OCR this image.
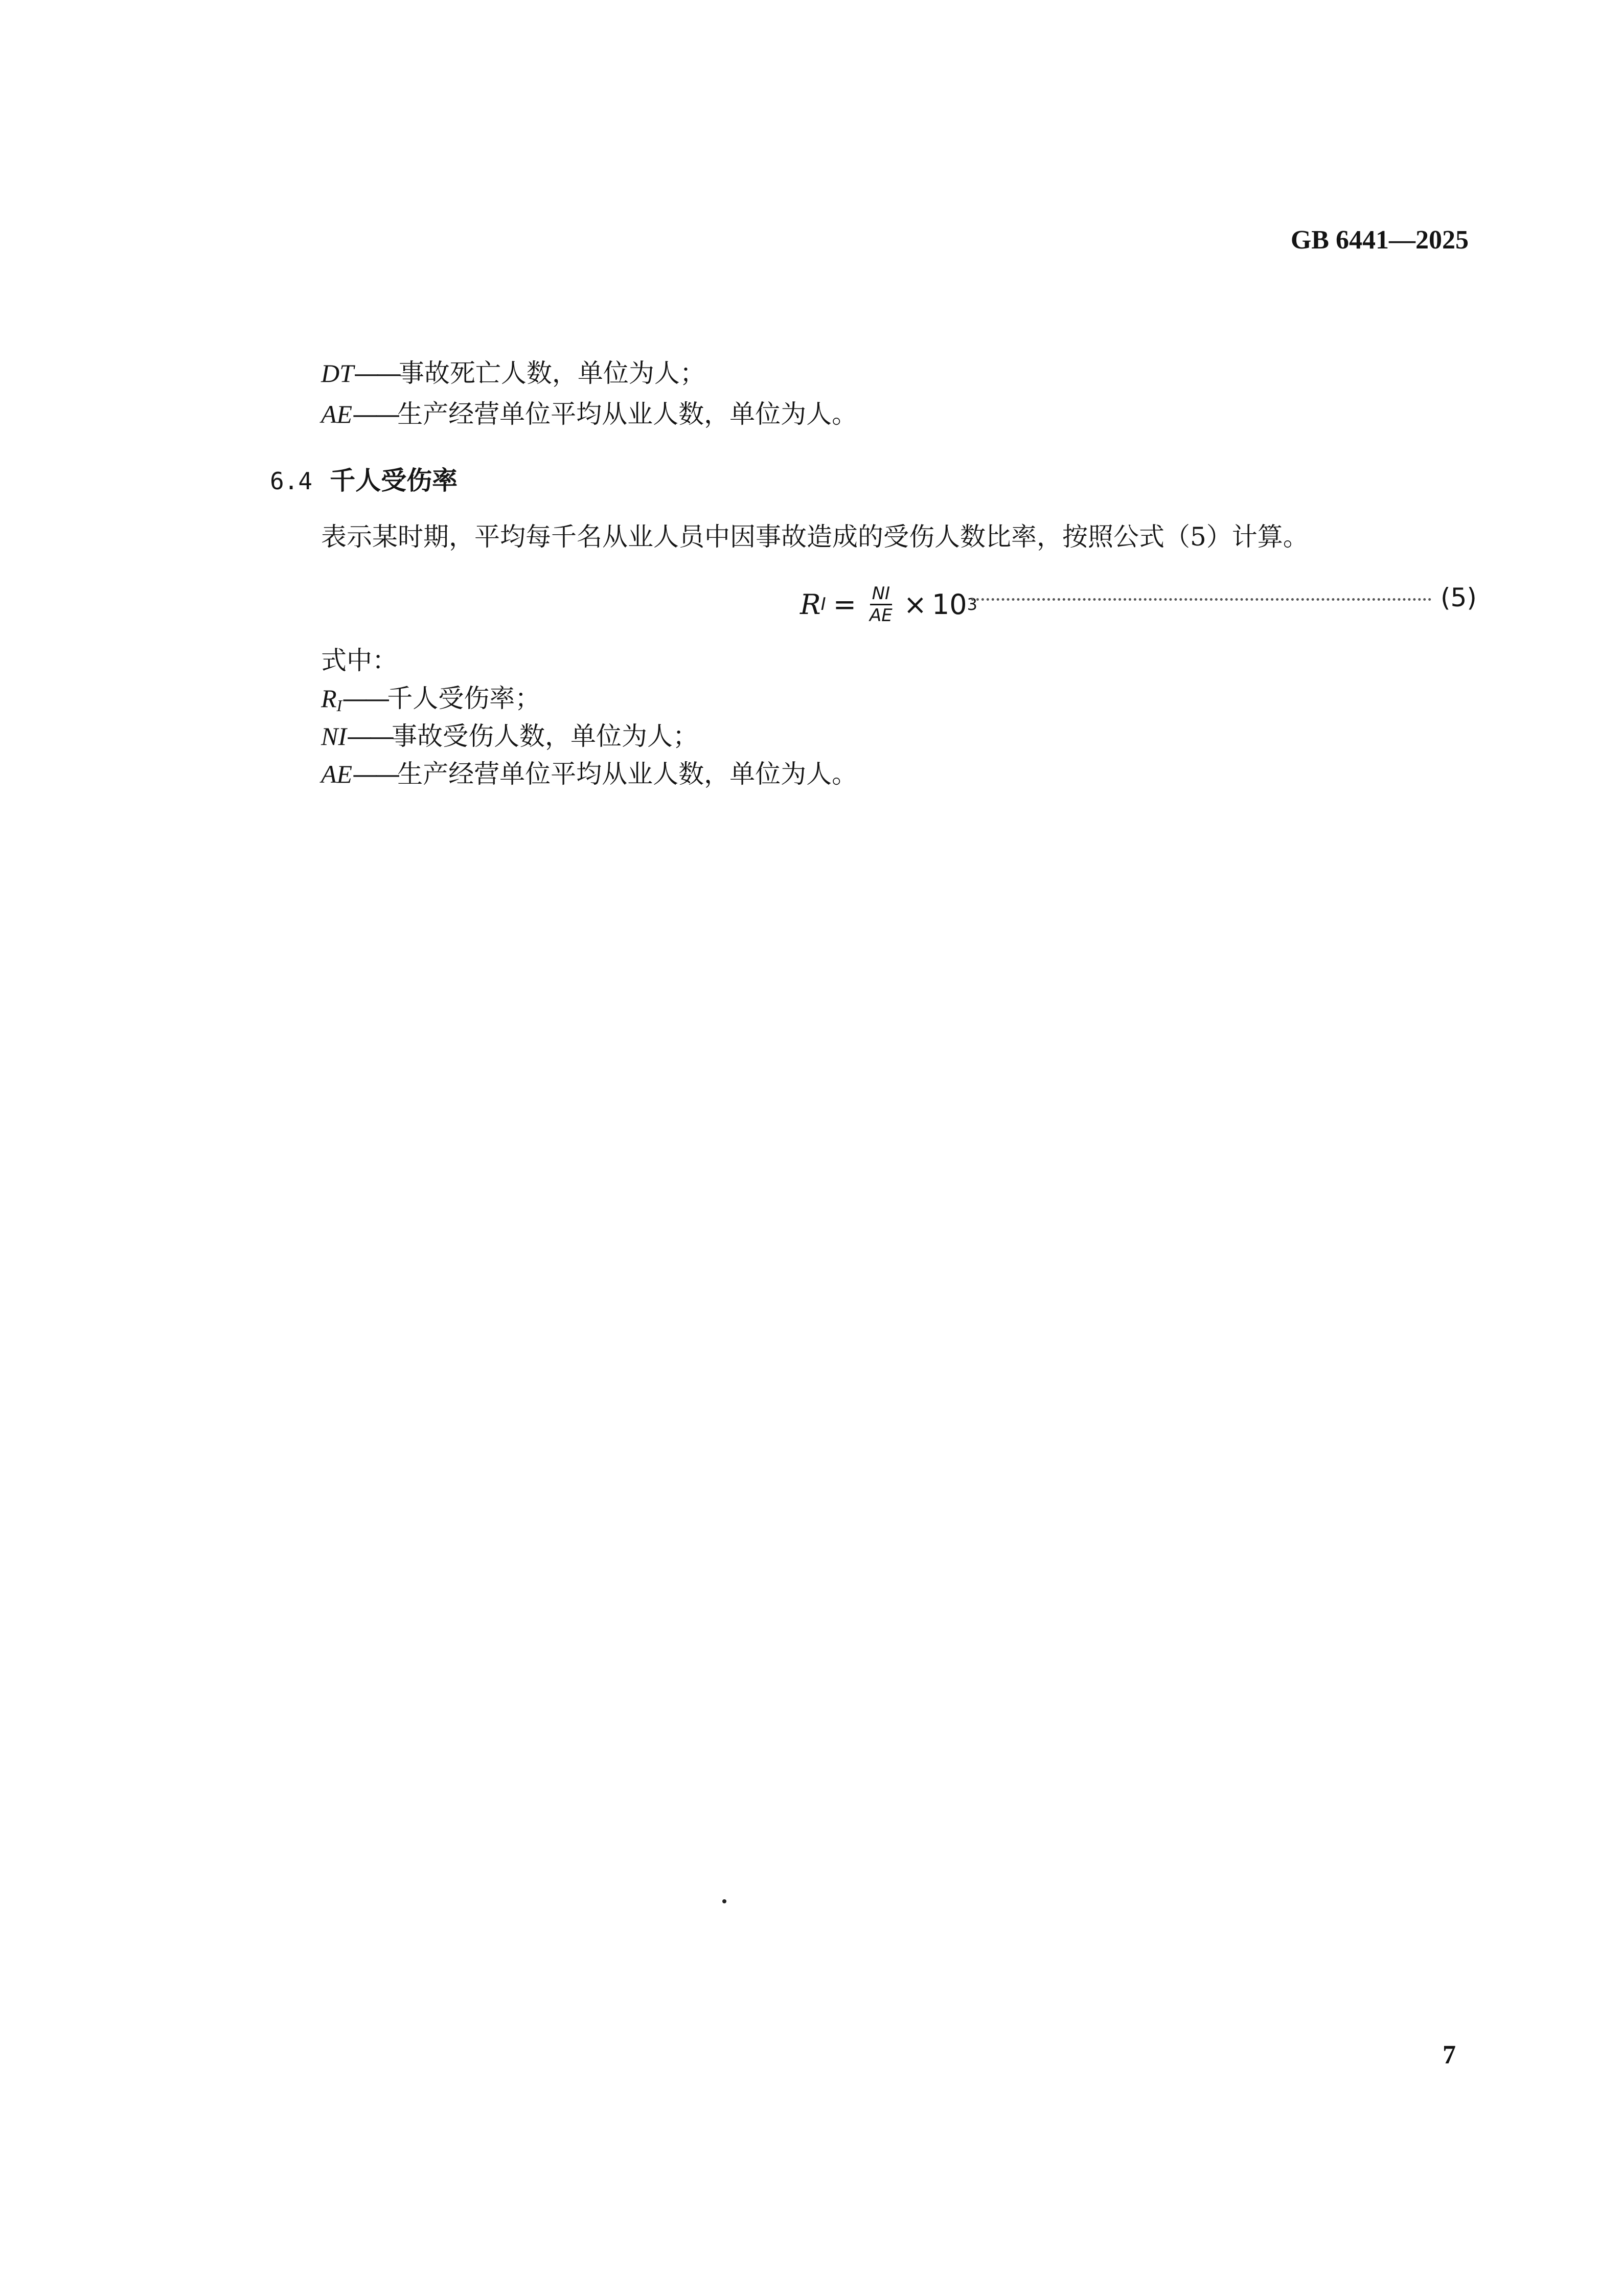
GB 6441—2025
DT——事故死亡人数，单位为人；
AE——生产经营单位平均从业人数，单位为人。
6.4 千人受伤率
表示某时期，平均每千名从业人员中因事故造成的受伤人数比率，按照公式（5）计算。
R $I = \frac{NI}{AE} \times 10$ 3	(5)
式中：
RI——千人受伤率；
NI——事故受伤人数，单位为人；
AE——生产经营单位平均从业人数，单位为人。
7
